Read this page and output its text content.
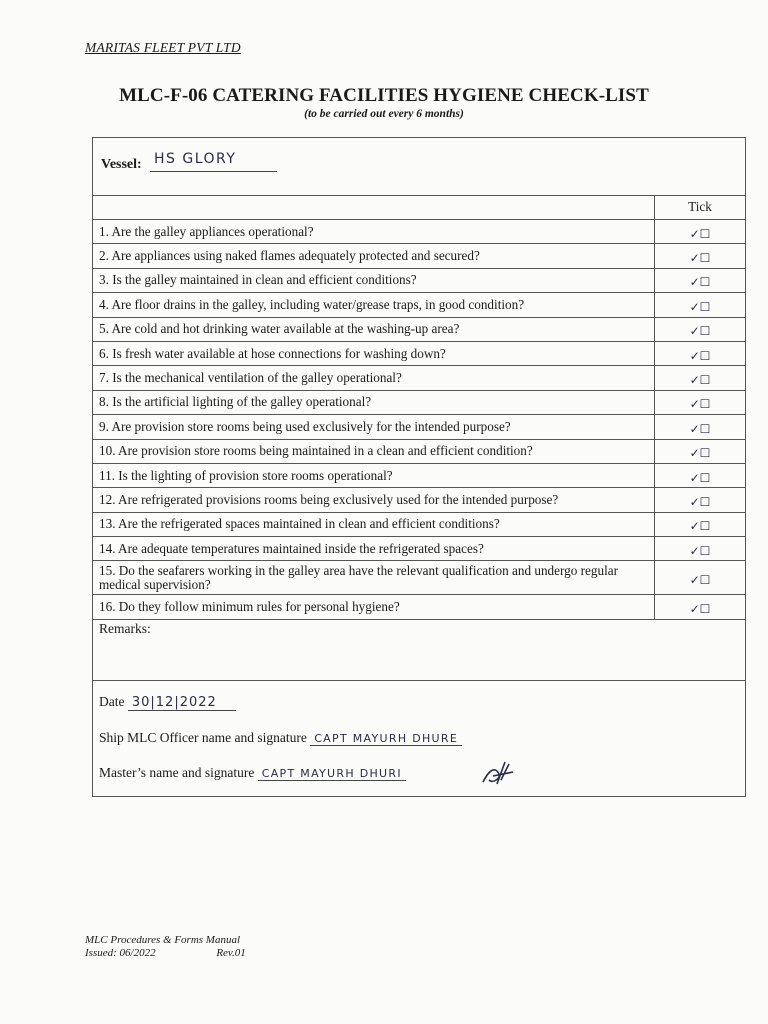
MARITAS FLEET PVT LTD
MLC-F-06 CATERING FACILITIES HYGIENE CHECK-LIST
(to be carried out every 6 months)
Vessel: HS GLORY
	Tick
1. Are the galley appliances operational?	✓☐
2. Are appliances using naked flames adequately protected and secured?	✓☐
3. Is the galley maintained in clean and efficient conditions?	✓☐
4. Are floor drains in the galley, including water/grease traps, in good condition?	✓☐
5. Are cold and hot drinking water available at the washing-up area?	✓☐
6. Is fresh water available at hose connections for washing down?	✓☐
7. Is the mechanical ventilation of the galley operational?	✓☐
8. Is the artificial lighting of the galley operational?	✓☐
9. Are provision store rooms being used exclusively for the intended purpose?	✓☐
10. Are provision store rooms being maintained in a clean and efficient condition?	✓☐
11. Is the lighting of provision store rooms operational?	✓☐
12. Are refrigerated provisions rooms being exclusively used for the intended purpose?	✓☐
13. Are the refrigerated spaces maintained in clean and efficient conditions?	✓☐
14. Are adequate temperatures maintained inside the refrigerated spaces?	✓☐
15. Do the seafarers working in the galley area have the relevant qualification and undergo regular medical supervision?	✓☐
16. Do they follow minimum rules for personal hygiene?	✓☐
Remarks:
Date 30|12|2022
Ship MLC Officer name and signature CAPT MAYURH DHURE
Master’s name and signature CAPT MAYURH DHURI
MLC Procedures & Forms Manual
Issued: 06/2022	Rev.01
